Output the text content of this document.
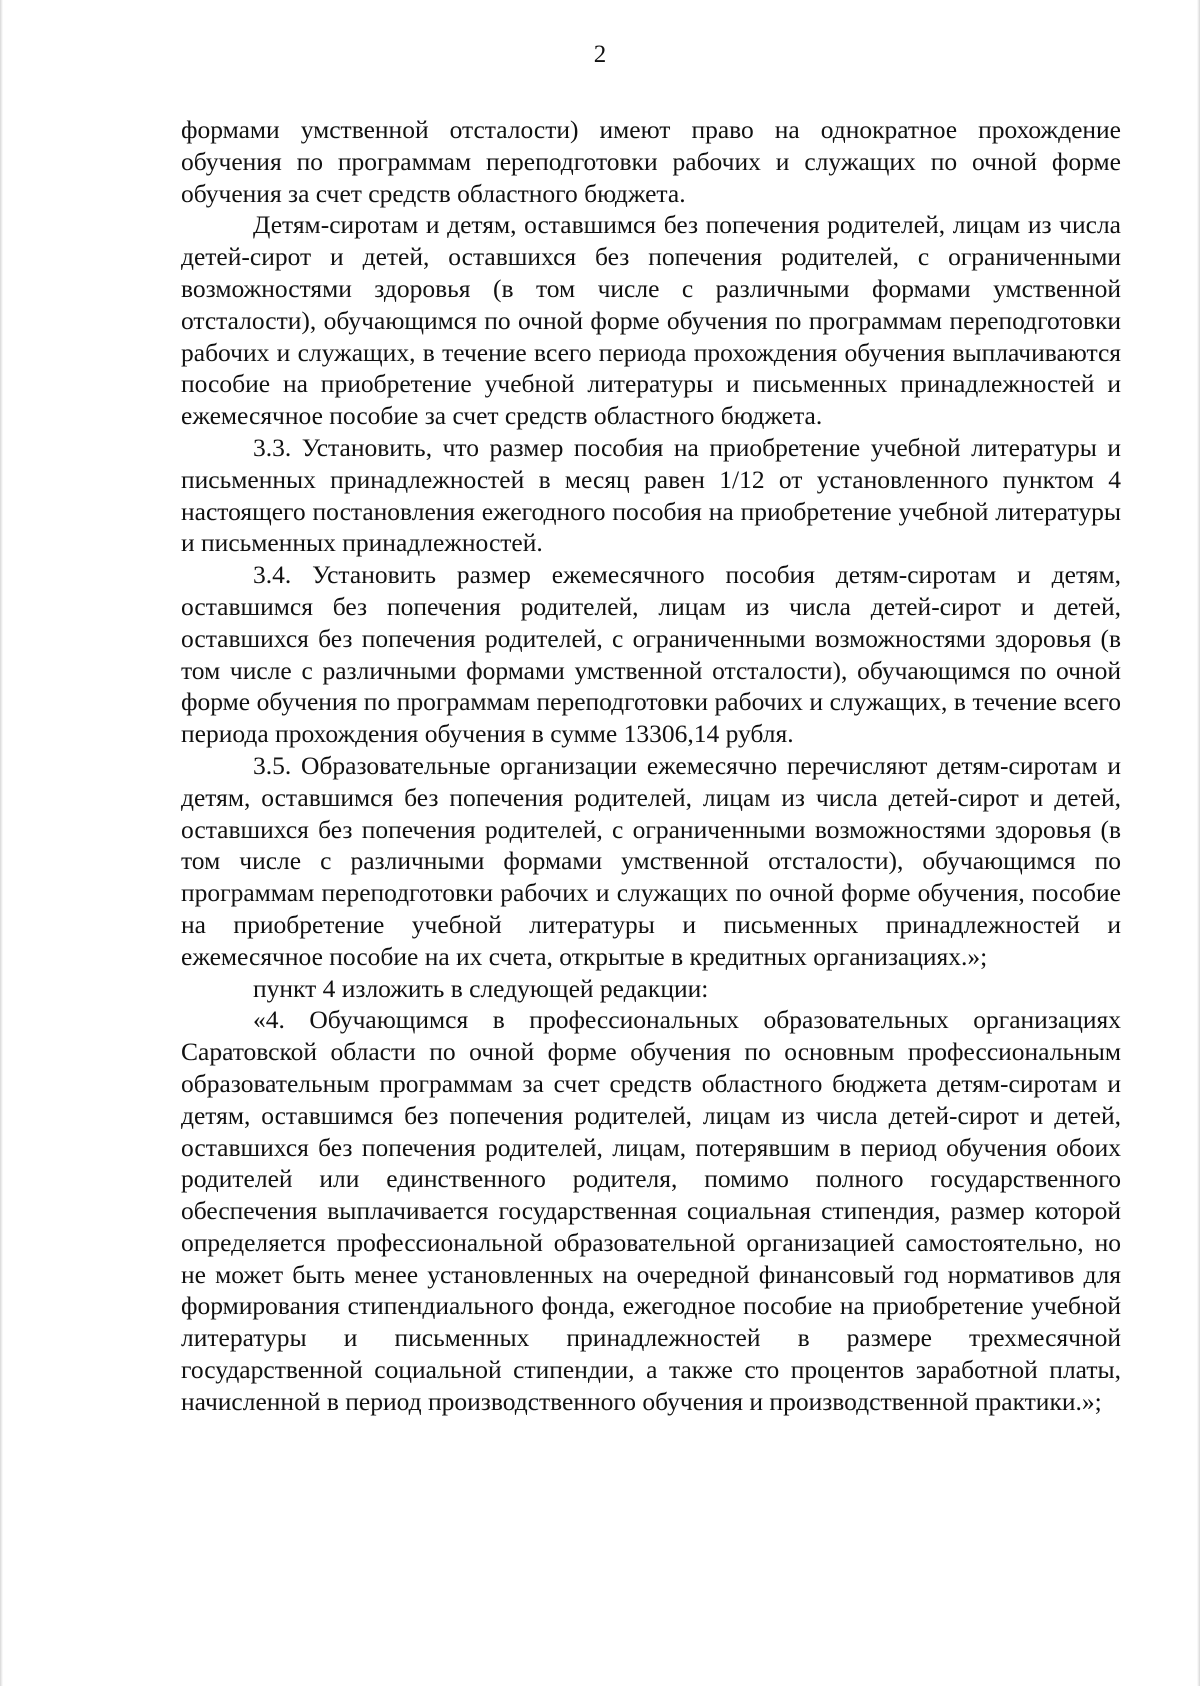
2

формами умственной отсталости) имеют право на однократное прохождение обучения по программам переподготовки рабочих и служащих по очной форме обучения за счет средств областного бюджета.

Детям-сиротам и детям, оставшимся без попечения родителей, лицам из числа детей-сирот и детей, оставшихся без попечения родителей, с ограниченными возможностями здоровья (в том числе с различными формами умственной отсталости), обучающимся по очной форме обучения по программам переподготовки рабочих и служащих, в течение всего периода прохождения обучения выплачиваются пособие на приобретение учебной литературы и письменных принадлежностей и ежемесячное пособие за счет средств областного бюджета.

3.3. Установить, что размер пособия на приобретение учебной литературы и письменных принадлежностей в месяц равен 1/12 от установленного пунктом 4 настоящего постановления ежегодного пособия на приобретение учебной литературы и письменных принадлежностей.

3.4. Установить размер ежемесячного пособия детям-сиротам и детям, оставшимся без попечения родителей, лицам из числа детей-сирот и детей, оставшихся без попечения родителей, с ограниченными возможностями здоровья (в том числе с различными формами умственной отсталости), обучающимся по очной форме обучения по программам переподготовки рабочих и служащих, в течение всего периода прохождения обучения в сумме 13306,14 рубля.

3.5. Образовательные организации ежемесячно перечисляют детям-сиротам и детям, оставшимся без попечения родителей, лицам из числа детей-сирот и детей, оставшихся без попечения родителей, с ограниченными возможностями здоровья (в том числе с различными формами умственной отсталости), обучающимся по программам переподготовки рабочих и служащих по очной форме обучения, пособие на приобретение учебной литературы и письменных принадлежностей и ежемесячное пособие на их счета, открытые в кредитных организациях.»;

пункт 4 изложить в следующей редакции:

«4. Обучающимся в профессиональных образовательных организациях Саратовской области по очной форме обучения по основным профессиональным образовательным программам за счет средств областного бюджета детям-сиротам и детям, оставшимся без попечения родителей, лицам из числа детей-сирот и детей, оставшихся без попечения родителей, лицам, потерявшим в период обучения обоих родителей или единственного родителя, помимо полного государственного обеспечения выплачивается государственная социальная стипендия, размер которой определяется профессиональной образовательной организацией самостоятельно, но не может быть менее установленных на очередной финансовый год нормативов для формирования стипендиального фонда, ежегодное пособие на приобретение учебной литературы и письменных принадлежностей в размере трехмесячной государственной социальной стипендии, а также сто процентов заработной платы, начисленной в период производственного обучения и производственной практики.»;
